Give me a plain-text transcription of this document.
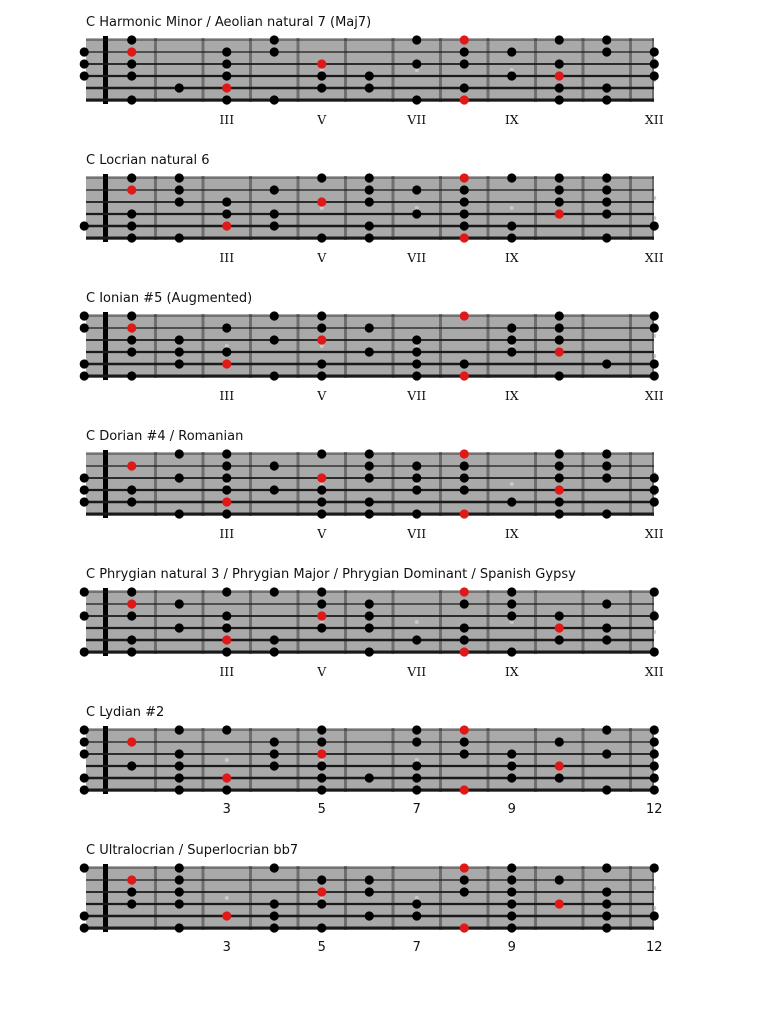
C Harmonic Minor / Aeolian natural 7 (Maj7)
III	V	VII	IX	XII
C Locrian natural 6
III	V	VII	IX	XII
C Ionian #5 (Augmented)
III	V	VII	IX	XII
C Dorian #4 / Romanian
III	V	VII	IX	XII
C Phrygian natural 3 / Phrygian Major / Phrygian Dominant / Spanish Gypsy
III	V	VII	IX	XII
C Lydian #2
3	5	7	9	12
C Ultralocrian / Superlocrian bb7
3	5	7	9	12
